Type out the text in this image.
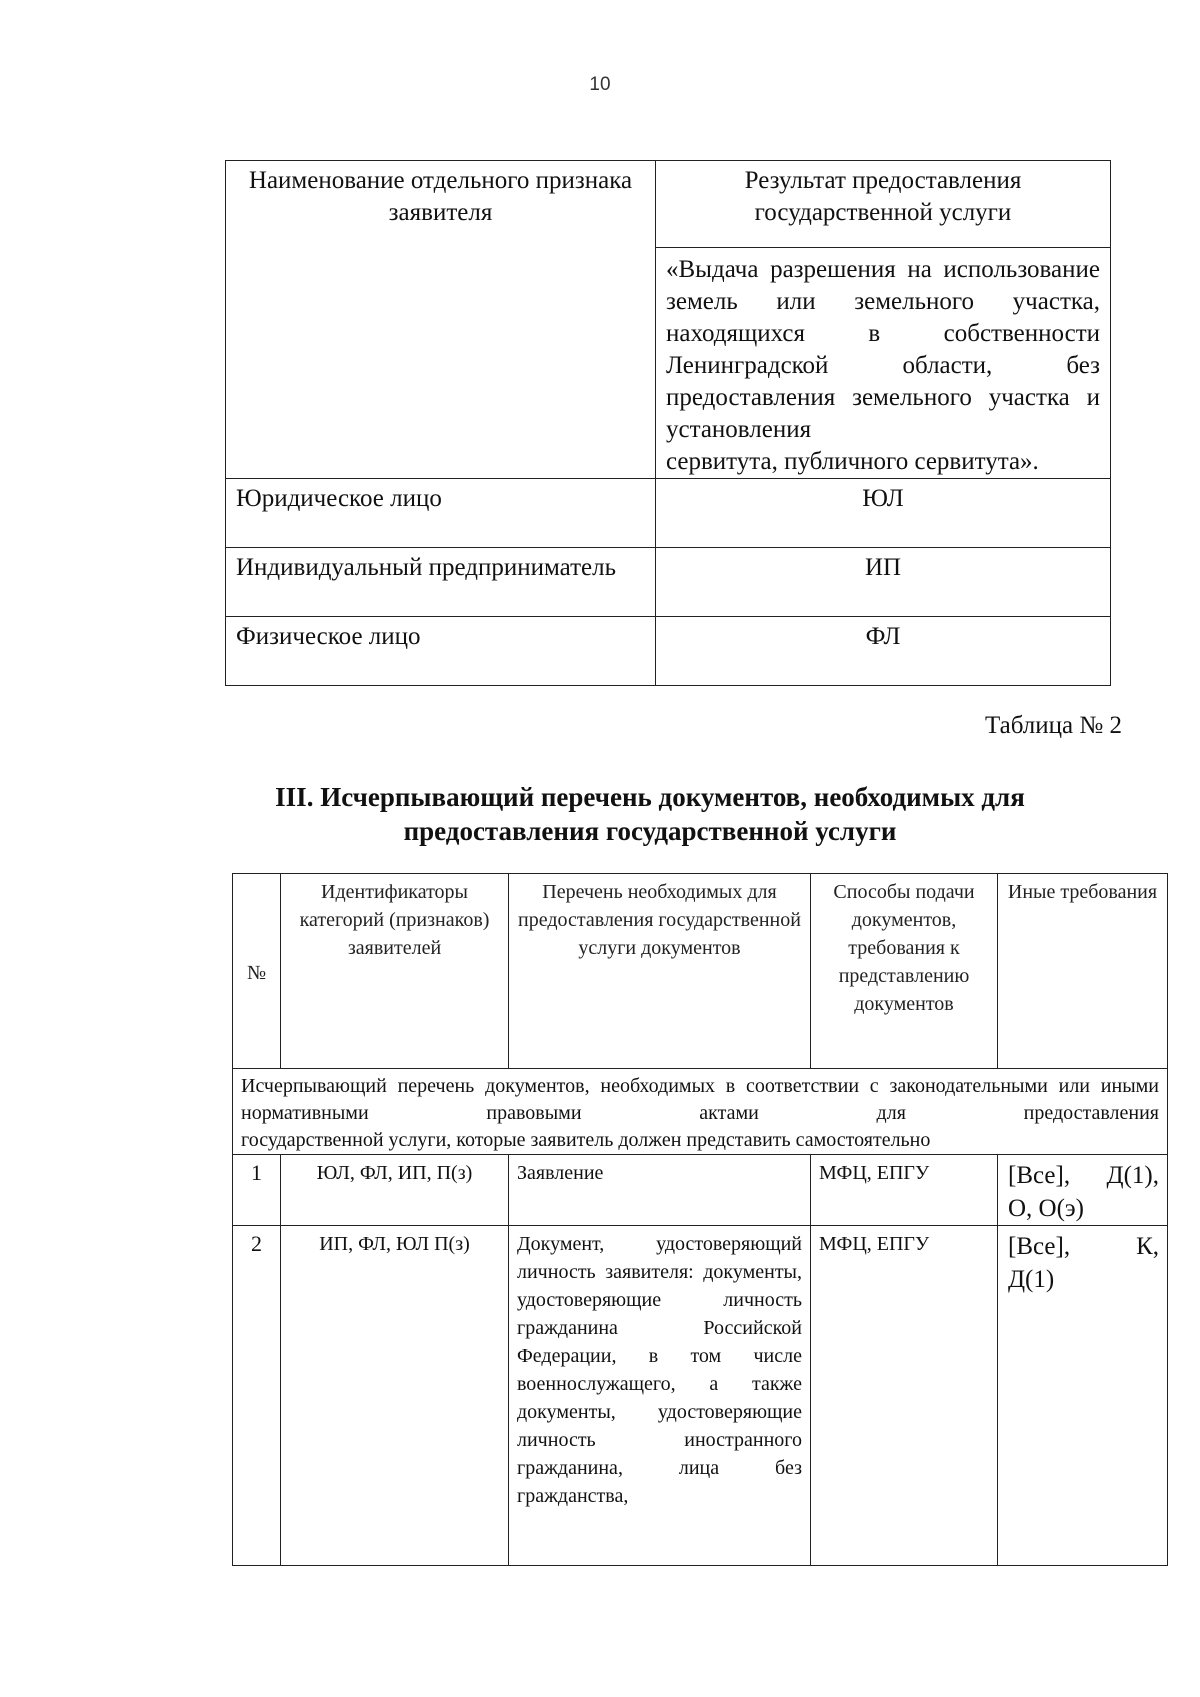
10
Наименование отдельного признака заявителя	Результат предоставления государственной услуги
	«Выдача разрешения на использование земель или земельного участка, находящихся в собственности Ленинградской области, без предоставления земельного участка и установления
сервитута, публичного сервитута».

Юридическое лицо	ЮЛ
Индивидуальный предприниматель	ИП
Физическое лицо	ФЛ
Таблица № 2
III. Исчерпывающий перечень документов, необходимых для
предоставления государственной услуги
№	Идентификаторы категорий (признаков) заявителей	Перечень необходимых для предоставления государственной услуги документов	Способы подачи документов, требования к представлению документов	Иные требования
Исчерпывающий перечень документов, необходимых в соответствии с законодательными или иными нормативными правовыми актами для предоставления
государственной услуги, которые заявитель должен представить самостоятельно				

1	ЮЛ, ФЛ, ИП, П(з)	Заявление	МФЦ, ЕПГУ	[Все], Д(1),
О, О(э)

2	ИП, ФЛ, ЮЛ П(з)	Документ, удостоверяющий личность заявителя: документы, удостоверяющие личность гражданина Российской Федерации, в том числе военнослужащего, а также документы, удостоверяющие личность иностранного гражданина, лица без гражданства,	МФЦ, ЕПГУ	[Все], К,
Д(1)
